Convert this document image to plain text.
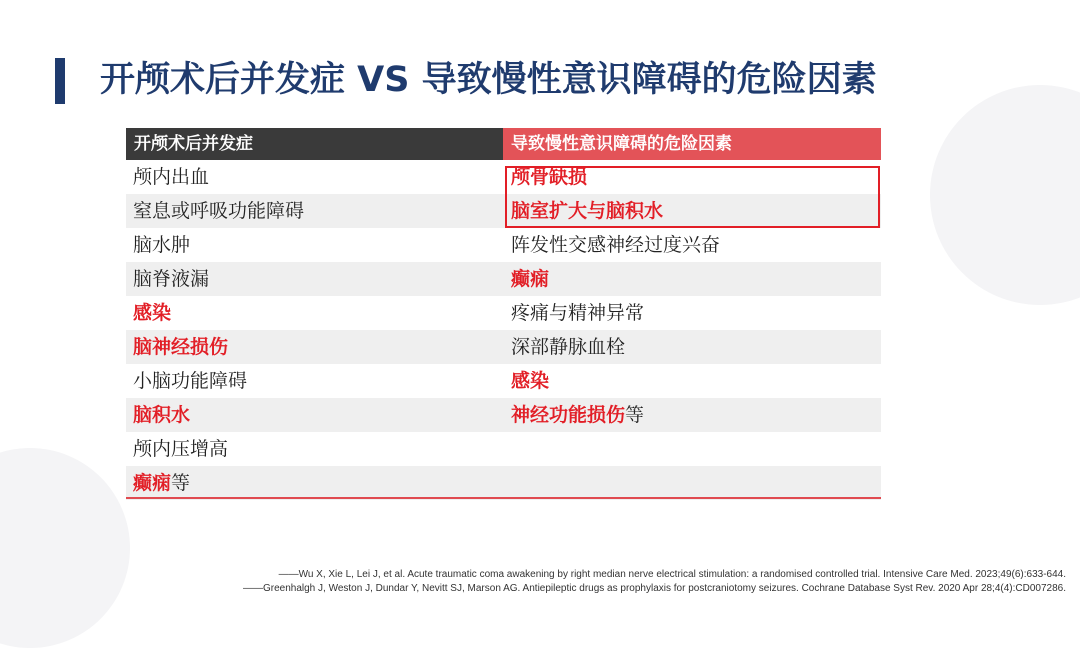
开颅术后并发症 VS 导致慢性意识障碍的危险因素
开颅术后并发症	导致慢性意识障碍的危险因素
颅内出血	颅骨缺损
窒息或呼吸功能障碍	脑室扩大与脑积水
脑水肿	阵发性交感神经过度兴奋
脑脊液漏	癫痫
感染	疼痛与精神异常
脑神经损伤	深部静脉血栓
小脑功能障碍	感染
脑积水	神经功能损伤等
颅内压增高
癫痫等
——Wu X, Xie L, Lei J, et al. Acute traumatic coma awakening by right median nerve electrical stimulation: a randomised controlled trial. Intensive Care Med. 2023;49(6):633-644.
——Greenhalgh J, Weston J, Dundar Y, Nevitt SJ, Marson AG. Antiepileptic drugs as prophylaxis for postcraniotomy seizures. Cochrane Database Syst Rev. 2020 Apr 28;4(4):CD007286.
